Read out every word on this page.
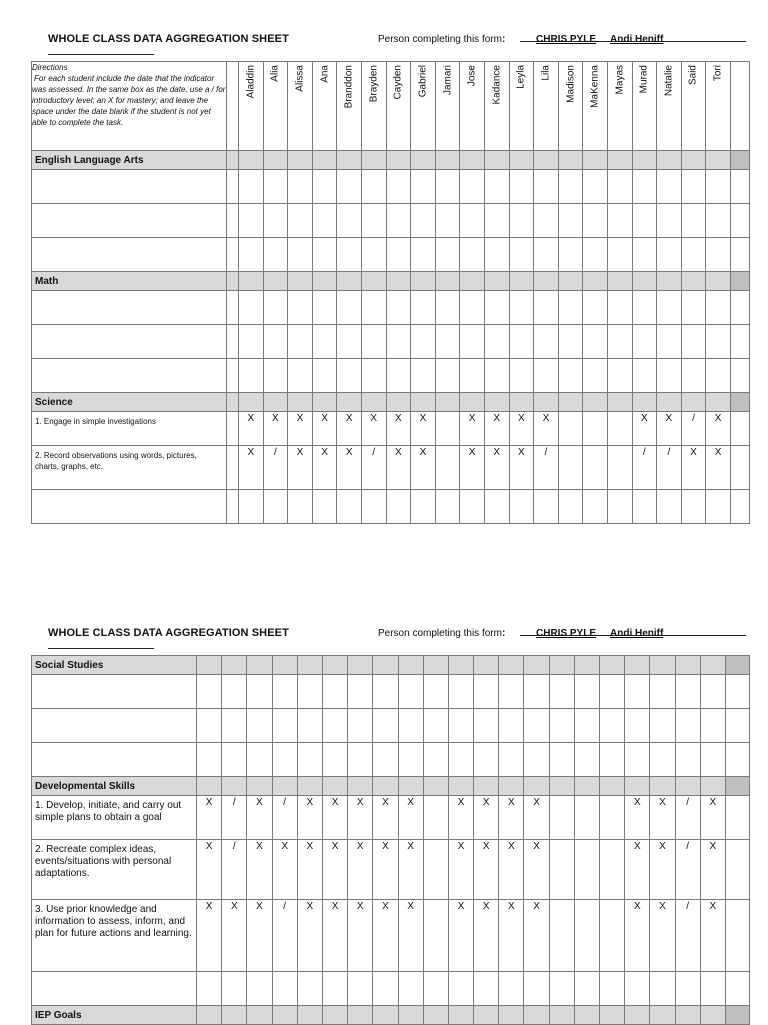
WHOLE CLASS DATA AGGREGATION SHEET	Person completing this form:	CHRIS PYLE Andi Heniff
Directions
For each student include the date that the indicator was assessed. In the same box as the date, use a / for introductory level; an X for mastery; and leave the space under the date blank if the student is not yet able to complete the task.		Aladdin	Alia	Alissa	Ana	Branddon	Brayden	Cayden	Gabriel	Jamari	Jose	Kadance	Leyla	Lila	Madison	MaKenna	Mayas	Murad	Natalie	Said	Tori	

English Language Arts																						

Math																						

Science																						
1. Engage in simple investigations		X	X	X	X	X	X	X	X		X	X	X	X				X	X	/	X	
2. Record observations using words, pictures, charts, graphs, etc.		X	/	X	X	X	/	X	X		X	X	X	/				/	/	X	X	

WHOLE CLASS DATA AGGREGATION SHEET	Person completing this form:	CHRIS PYLE Andi Heniff
Social Studies																						

Developmental Skills																						
1. Develop, initiate, and carry out simple plans to obtain a goal	X	/	X	/	X	X	X	X	X		X	X	X	X				X	X	/	X	
2. Recreate complex ideas, events/situations with personal adaptations.	X	/	X	X	X	X	X	X	X		X	X	X	X				X	X	/	X	
3. Use prior knowledge and information to assess, inform, and plan for future actions and learning.	X	X	X	/	X	X	X	X	X		X	X	X	X				X	X	/	X	

IEP Goals																						
